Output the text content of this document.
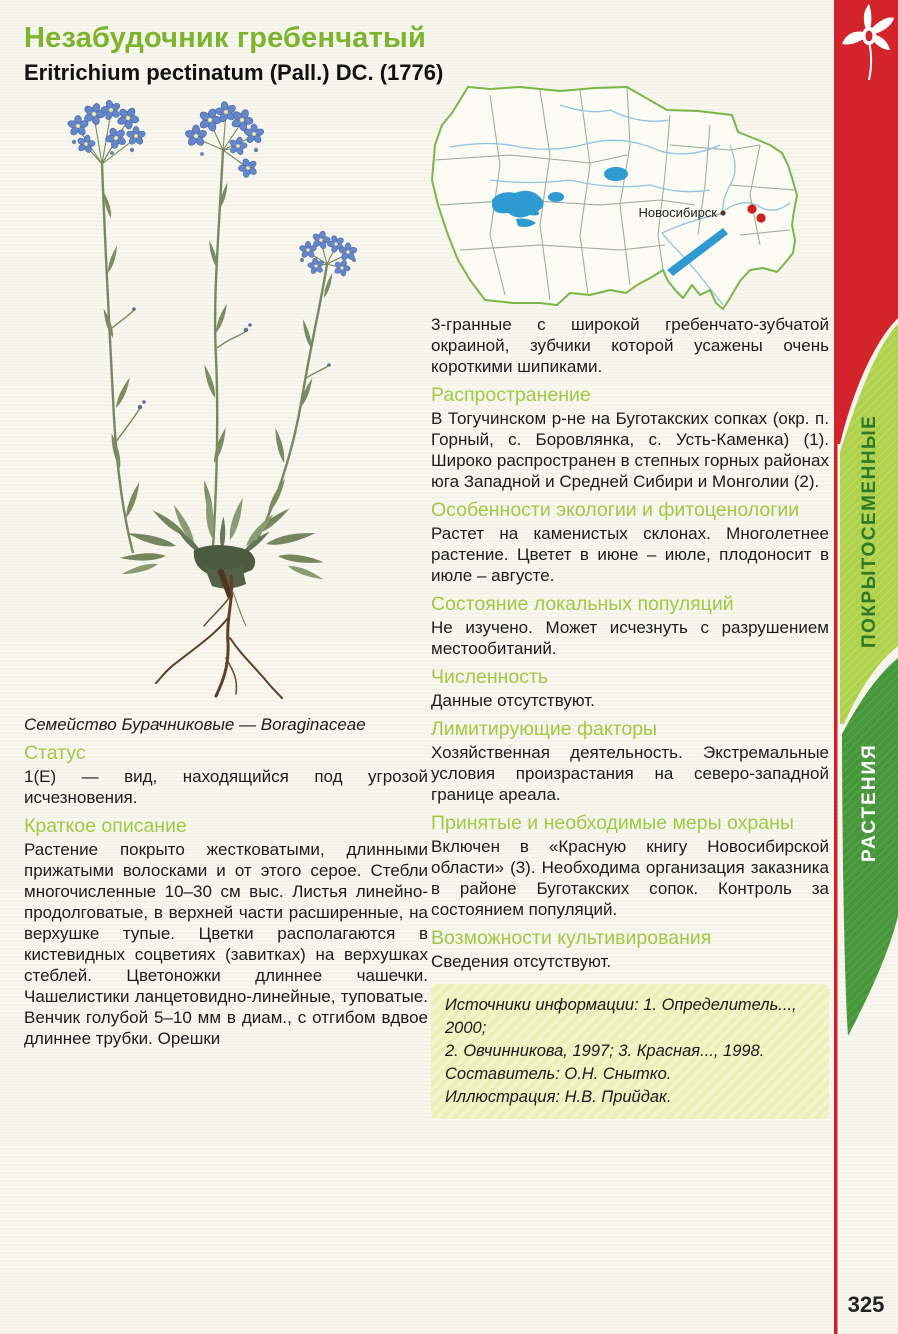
Незабудочник гребенчатый
Eritrichium pectinatum (Pall.) DC. (1776)
Новосибирск

3-гранные с широкой гребенчато-зубчатой окраиной, зубчики которой усажены очень короткими шипиками.

Распространение

В Тогучинском р-не на Буготакских сопках (окр. п. Горный, с. Боровлянка, с. Усть-Каменка) (1). Широко распространен в степных горных районах юга Западной и Средней Сибири и Монголии (2).

Особенности экологии и фитоценологии

Растет на каменистых склонах. Многолетнее растение. Цветет в июне – июле, плодоносит в июле – августе.

Состояние локальных популяций

Не изучено. Может исчезнуть с разрушением местообитаний.

Численность

Данные отсутствуют.

Лимитирующие факторы

Хозяйственная деятельность. Экстремальные условия произрастания на северо-западной границе ареала.

Принятые и необходимые меры охраны

Включен в «Красную книгу Новосибирской области» (3). Необходима организация заказника в районе Буготакских сопок. Контроль за состоянием популяций.

Возможности культивирования

Сведения отсутствуют.

Источники информации: 1. Определитель..., 2000;
2. Овчинникова, 1997; 3. Красная..., 1998.
Составитель: О.Н. Снытко.
Иллюстрация: Н.В. Прийдак.

Семейство Бурачниковые — Boraginaceae

Статус

1(E) — вид, находящийся под угрозой исчезновения.

Краткое описание

Растение покрыто жестковатыми, длинными прижатыми волосками и от этого серое. Стебли многочисленные 10–30 см выс. Листья линейно-продолговатые, в верхней части расширенные, на верхушке тупые. Цветки располагаются в кистевидных соцветиях (завитках) на верхушках стеблей. Цветоножки длиннее чашечки. Чашелистики ланцетовидно-линейные, туповатые. Венчик голубой 5–10 мм в диам., с отгибом вдвое длиннее трубки. Орешки

ПОКРЫТОСЕМЕННЫЕ
РАСТЕНИЯ
325
